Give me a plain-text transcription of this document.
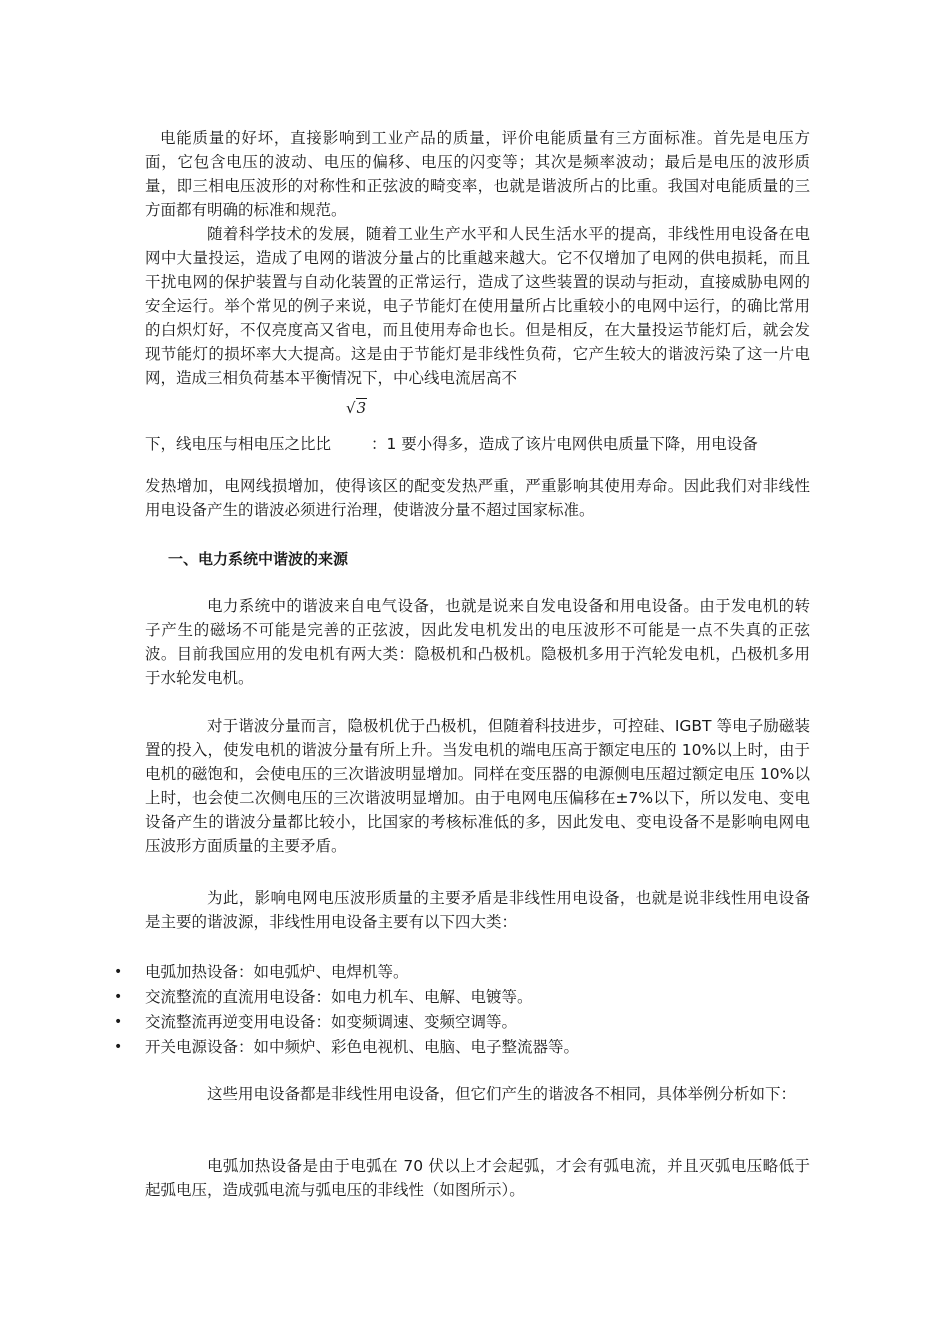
电能质量的好坏，直接影响到工业产品的质量，评价电能质量有三方面标准。首先是电压方面，它包含电压的波动、电压的偏移、电压的闪变等；其次是频率波动；最后是电压的波形质量，即三相电压波形的对称性和正弦波的畸变率，也就是谐波所占的比重。我国对电能质量的三方面都有明确的标准和规范。

随着科学技术的发展，随着工业生产水平和人民生活水平的提高，非线性用电设备在电网中大量投运，造成了电网的谐波分量占的比重越来越大。它不仅增加了电网的供电损耗，而且干扰电网的保护装置与自动化装置的正常运行，造成了这些装置的误动与拒动，直接威胁电网的安全运行。举个常见的例子来说，电子节能灯在使用量所占比重较小的电网中运行，的确比常用的白炽灯好，不仅亮度高又省电，而且使用寿命也长。但是相反，在大量投运节能灯后，就会发现节能灯的损坏率大大提高。这是由于节能灯是非线性负荷，它产生较大的谐波污染了这一片电网，造成三相负荷基本平衡情况下，中心线电流居高不

√3
下，线电压与相电压之比比	：1 要小得多，造成了该片电网供电质量下降，用电设备

发热增加，电网线损增加，使得该区的配变发热严重，严重影响其使用寿命。因此我们对非线性用电设备产生的谐波必须进行治理，使谐波分量不超过国家标准。

一、电力系统中谐波的来源

电力系统中的谐波来自电气设备，也就是说来自发电设备和用电设备。由于发电机的转子产生的磁场不可能是完善的正弦波，因此发电机发出的电压波形不可能是一点不失真的正弦波。目前我国应用的发电机有两大类：隐极机和凸极机。隐极机多用于汽轮发电机，凸极机多用于水轮发电机。

对于谐波分量而言，隐极机优于凸极机，但随着科技进步，可控硅、IGBT 等电子励磁装置的投入，使发电机的谐波分量有所上升。当发电机的端电压高于额定电压的 10%以上时，由于电机的磁饱和，会使电压的三次谐波明显增加。同样在变压器的电源侧电压超过额定电压 10%以上时，也会使二次侧电压的三次谐波明显增加。由于电网电压偏移在±7%以下，所以发电、变电设备产生的谐波分量都比较小，比国家的考核标准低的多，因此发电、变电设备不是影响电网电压波形方面质量的主要矛盾。

为此，影响电网电压波形质量的主要矛盾是非线性用电设备，也就是说非线性用电设备是主要的谐波源，非线性用电设备主要有以下四大类：

• 电弧加热设备：如电弧炉、电焊机等。
• 交流整流的直流用电设备：如电力机车、电解、电镀等。
• 交流整流再逆变用电设备：如变频调速、变频空调等。
• 开关电源设备：如中频炉、彩色电视机、电脑、电子整流器等。

这些用电设备都是非线性用电设备，但它们产生的谐波各不相同，具体举例分析如下：

电弧加热设备是由于电弧在 70 伏以上才会起弧，才会有弧电流，并且灭弧电压略低于起弧电压，造成弧电流与弧电压的非线性（如图所示）。
